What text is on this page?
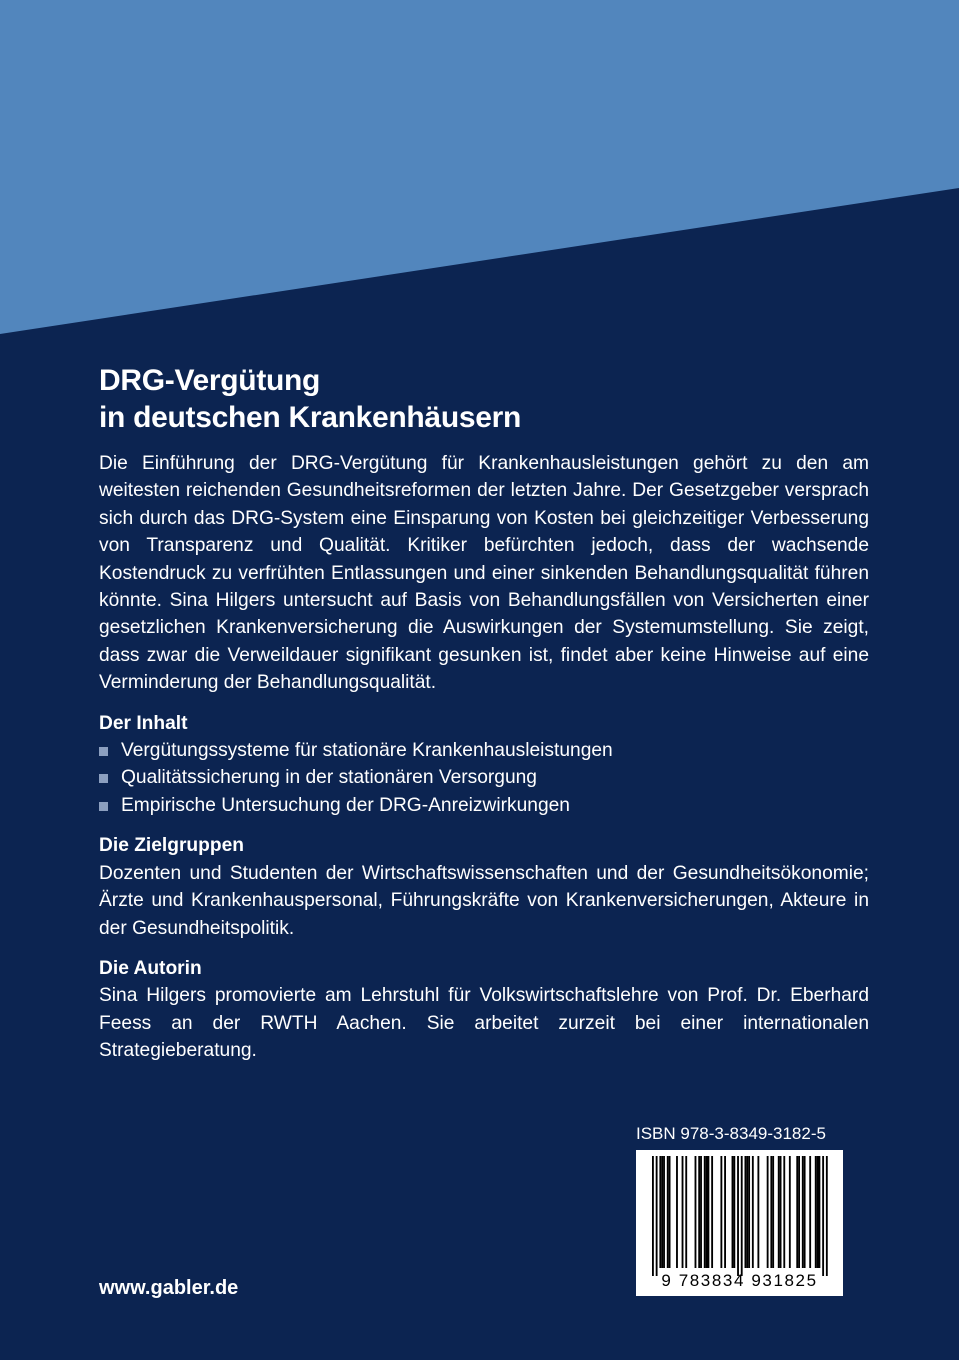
DRG-Vergütung
in deutschen Krankenhäusern

Die Einführung der DRG-Vergütung für Krankenhausleistungen gehört zu den am weitesten reichenden Gesundheitsreformen der letzten Jahre. Der Gesetzgeber versprach sich durch das DRG-System eine Einsparung von Kosten bei gleichzeitiger Verbesserung von Transparenz und Qualität. Kritiker befürchten jedoch, dass der wachsende Kostendruck zu verfrühten Entlassungen und einer sinkenden Behandlungsqualität führen könnte. Sina Hilgers untersucht auf Basis von Behandlungsfällen von Versicherten einer gesetzlichen Krankenversicherung die Auswirkungen der Systemumstellung. Sie zeigt, dass zwar die Verweildauer signifikant gesunken ist, findet aber keine Hinweise auf eine Verminderung der Behandlungsqualität.

Der Inhalt
Vergütungssysteme für stationäre Krankenhausleistungen
Qualitätssicherung in der stationären Versorgung
Empirische Untersuchung der DRG-Anreizwirkungen
Die Zielgruppen

Dozenten und Studenten der Wirtschaftswissenschaften und der Gesundheitsökonomie; Ärzte und Krankenhauspersonal, Führungskräfte von Krankenversicherungen, Akteure in der Gesundheitspolitik.

Die Autorin

Sina Hilgers promovierte am Lehrstuhl für Volkswirtschaftslehre von Prof. Dr. Eberhard Feess an der RWTH Aachen. Sie arbeitet zurzeit bei einer internationalen Strategieberatung.

ISBN 978-3-8349-3182-5
9 783834 931825
www.gabler.de
